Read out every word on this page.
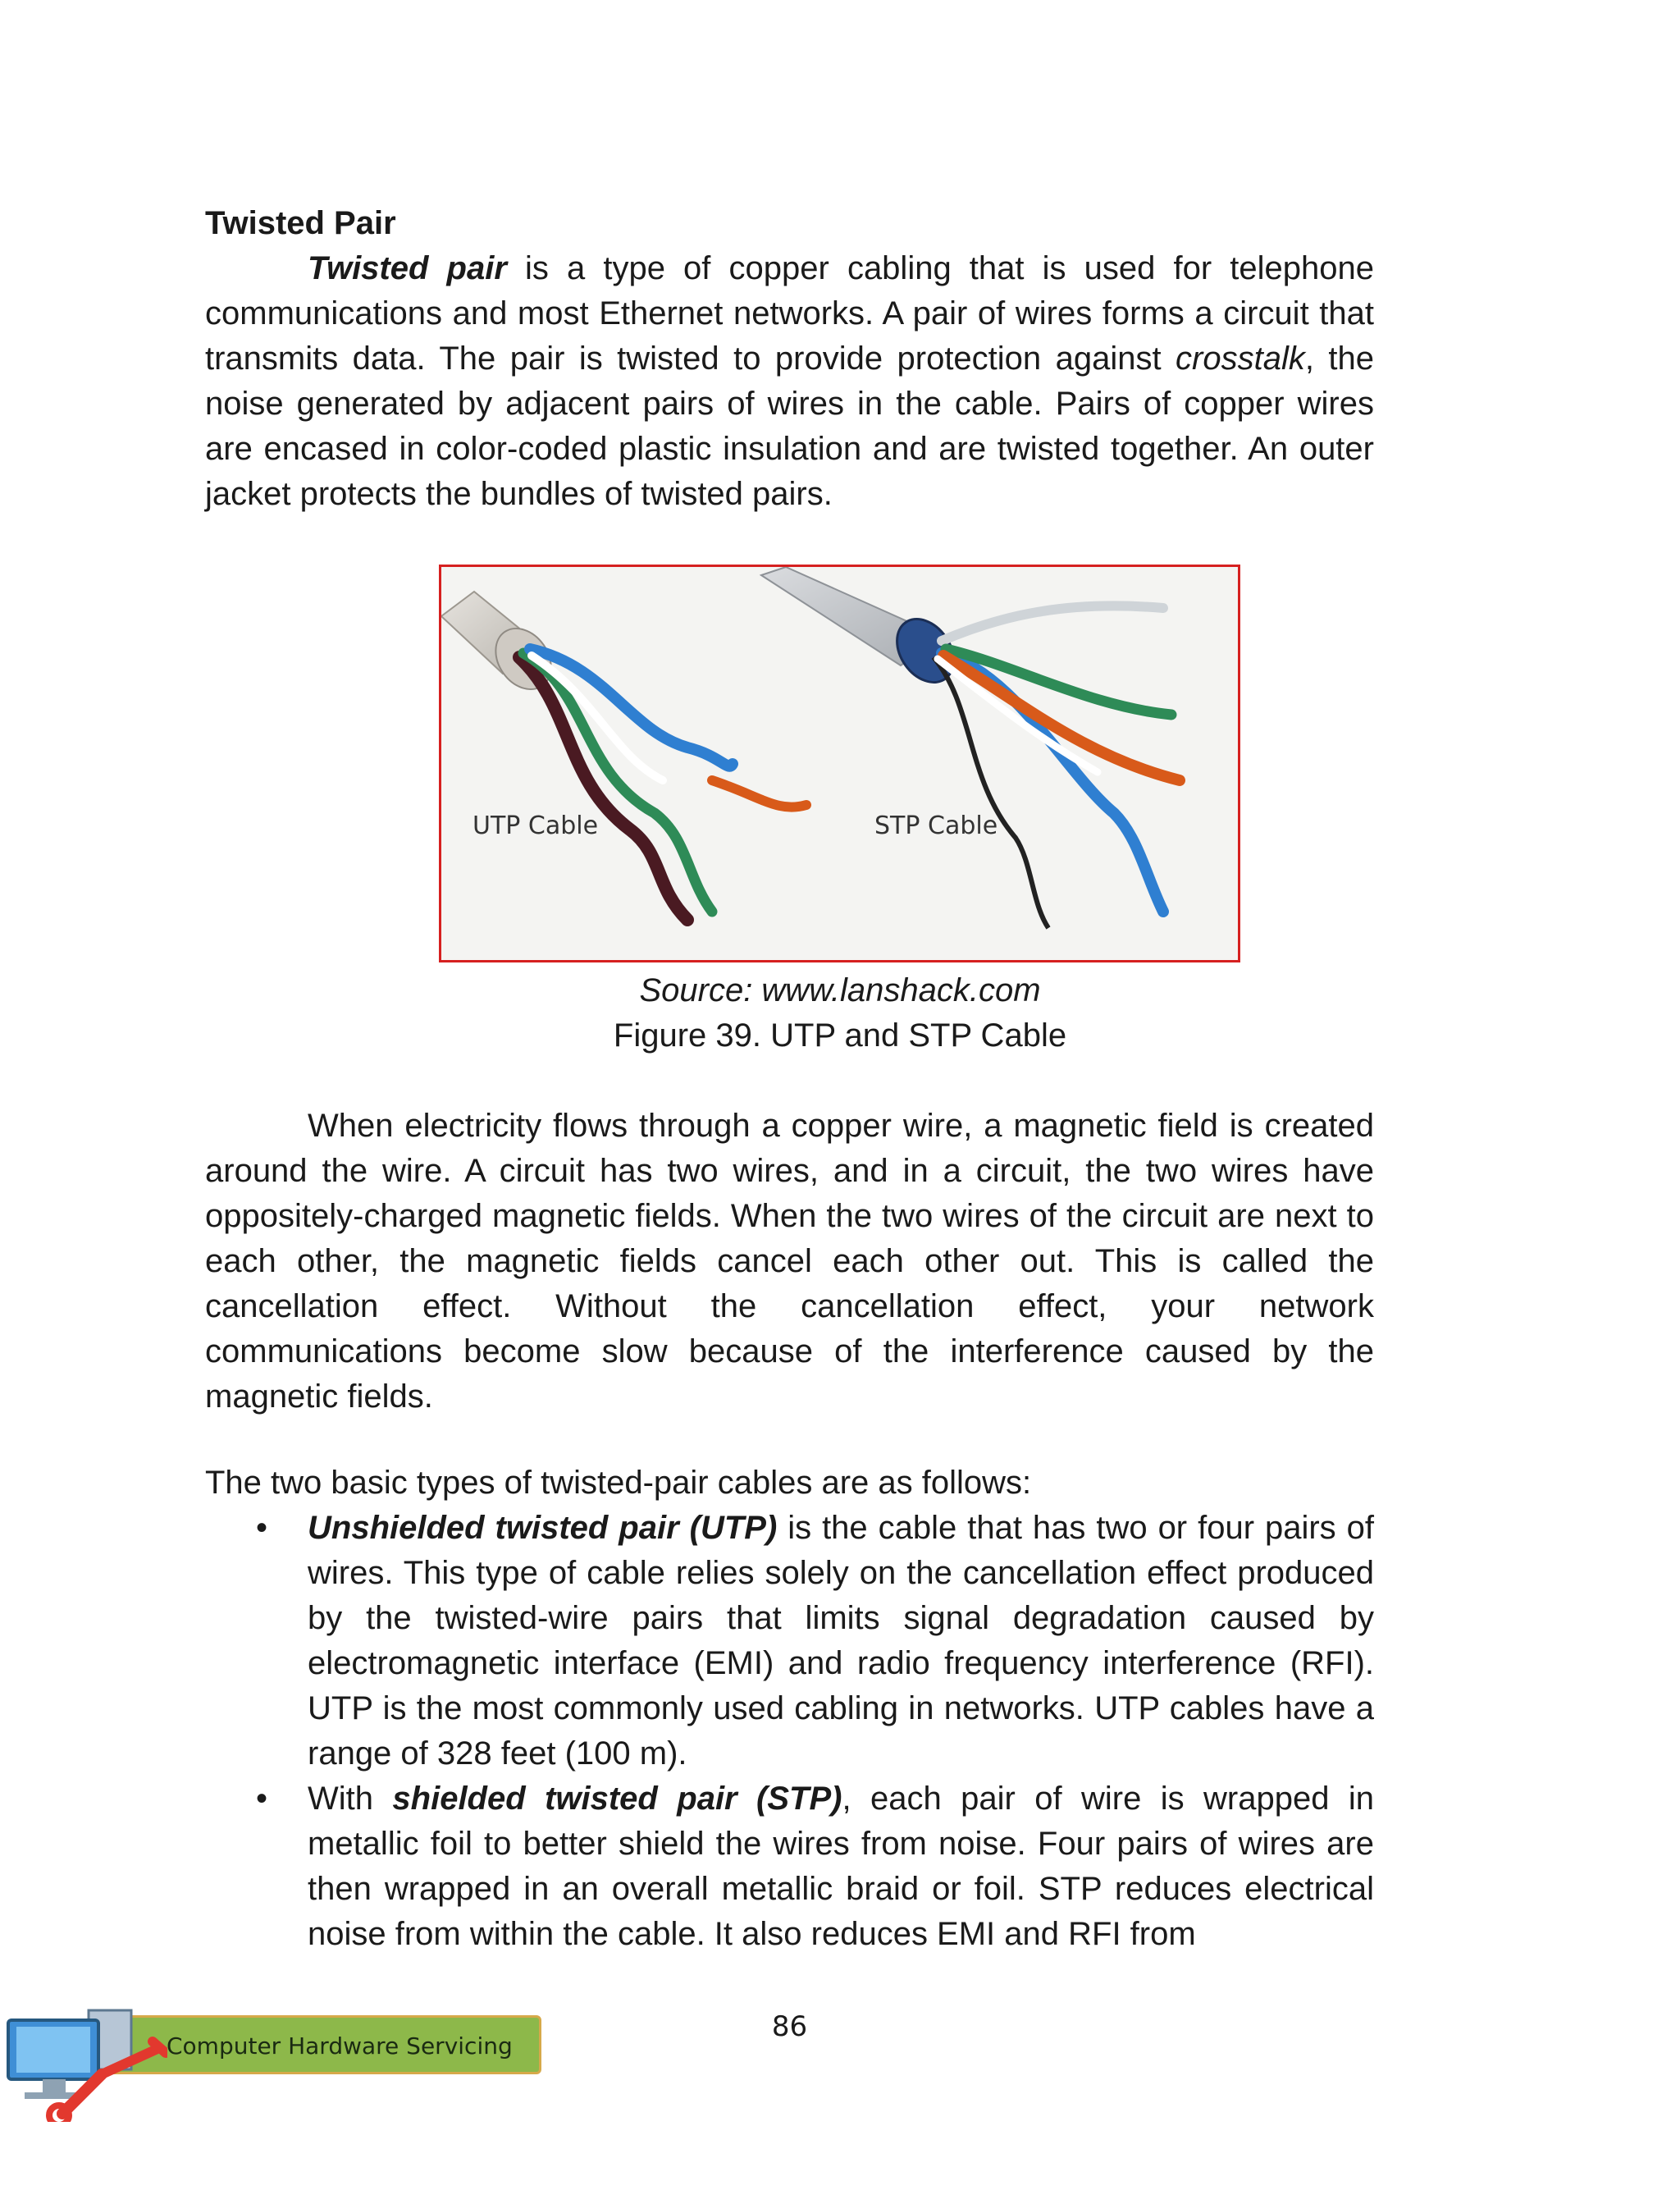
Twisted Pair

Twisted pair is a type of copper cabling that is used for telephone communications and most Ethernet networks. A pair of wires forms a circuit that transmits data. The pair is twisted to provide protection against crosstalk, the noise generated by adjacent pairs of wires in the cable. Pairs of copper wires are encased in color-coded plastic insulation and are twisted together. An outer jacket protects the bundles of twisted pairs.

UTP Cable	STP Cable
Source: www.lanshack.com
Figure 39. UTP and STP Cable

When electricity flows through a copper wire, a magnetic field is created around the wire. A circuit has two wires, and in a circuit, the two wires have oppositely-charged magnetic fields. When the two wires of the circuit are next to each other, the magnetic fields cancel each other out. This is called the cancellation effect. Without the cancellation effect, your network communications become slow because of the interference caused by the magnetic fields.

The two basic types of twisted-pair cables are as follows:

• Unshielded twisted pair (UTP) is the cable that has two or four pairs of wires. This type of cable relies solely on the cancellation effect produced by the twisted-wire pairs that limits signal degradation caused by electromagnetic interface (EMI) and radio frequency interference (RFI). UTP is the most commonly used cabling in networks. UTP cables have a range of 328 feet (100 m).
• With shielded twisted pair (STP), each pair of wire is wrapped in metallic foil to better shield the wires from noise. Four pairs of wires are then wrapped in an overall metallic braid or foil. STP reduces electrical noise from within the cable. It also reduces EMI and RFI from
Computer Hardware Servicing
86
